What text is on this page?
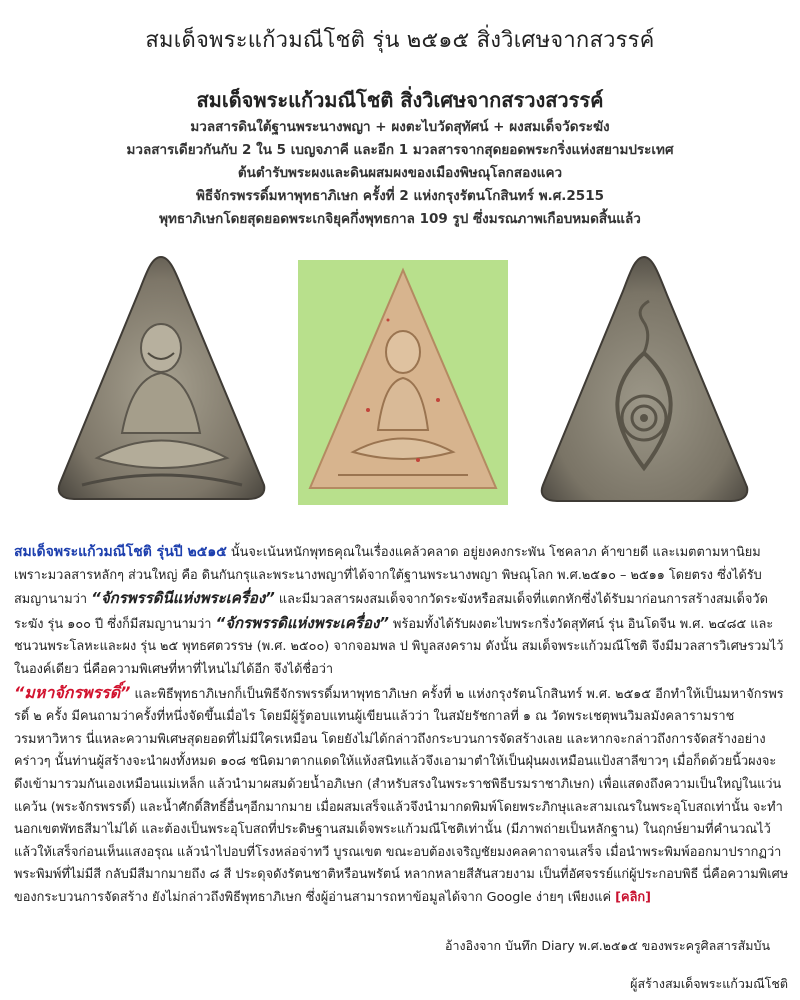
สมเด็จพระแก้วมณีโชติ รุ่น ๒๕๑๕ สิ่งวิเศษจากสวรรค์
สมเด็จพระแก้วมณีโชติ สิ่งวิเศษจากสรวงสวรรค์
มวลสารดินใต้ฐานพระนางพญา + ผงตะไบวัดสุทัศน์ + ผงสมเด็จวัดระฆัง
มวลสารเดียวกันกับ 2 ใน 5 เบญจภาคี และอีก 1 มวลสารจากสุดยอดพระกริ่งแห่งสยามประเทศ
ต้นตำรับพระผงและดินผสมผงของเมืองพิษณุโลกสองแคว
พิธีจักรพรรดิ์มหาพุทธาภิเษก ครั้งที่ 2 แห่งกรุงรัตนโกสินทร์ พ.ศ.2515
พุทธาภิเษกโดยสุดยอดพระเกจิยุคกึ่งพุทธกาล 109 รูป ซึ่งมรณภาพเกือบหมดสิ้นแล้ว
สมเด็จพระแก้วมณีโชติ รุ่นปี ๒๕๑๕ นั้นจะเน้นหนักพุทธคุณในเรื่องแคล้วคลาด อยู่ยงคงกระพัน โชคลาภ ค้าขายดี และเมตตามหานิยม เพราะมวลสารหลักๆ ส่วนใหญ่ คือ ดินกันกรุและพระนางพญาที่ได้จากใต้ฐานพระนางพญา พิษณุโลก พ.ศ.๒๕๑๐ – ๒๕๑๑ โดยตรง ซึ่งได้รับสมญานามว่า “จักรพรรดินีแห่งพระเครื่อง” และมีมวลสารผงสมเด็จจากวัดระฆังหรือสมเด็จที่แตกหักซึ่งได้รับมาก่อนการสร้างสมเด็จวัดระฆัง รุ่น ๑๐๐ ปี ซึ่งก็มีสมญานามว่า “จักรพรรดิแห่งพระเครื่อง” พร้อมทั้งได้รับผงตะไบพระกริ่งวัดสุทัศน์ รุ่น อินโดจีน พ.ศ. ๒๔๘๕ และชนวนพระโลหะและผง รุ่น ๒๕ พุทธศตวรรษ (พ.ศ. ๒๕๐๐) จากจอมพล ป พิบูลสงคราม ดังนั้น สมเด็จพระแก้วมณีโชติ จึงมีมวลสารวิเศษรวมไว้ในองค์เดียว นี่คือความพิเศษที่หาที่ไหนไม่ได้อีก จึงได้ชื่อว่า
“มหาจักรพรรดิ์” และพิธีพุทธาภิเษกก็เป็นพิธีจักรพรรดิ์มหาพุทธาภิเษก ครั้งที่ ๒ แห่งกรุงรัตนโกสินทร์ พ.ศ. ๒๕๑๕ อีกทำให้เป็นมหาจักรพรรดิ์ ๒ ครั้ง มีคนถามว่าครั้งที่หนึ่งจัดขึ้นเมื่อไร โดยมีผู้รู้ตอบแทนผู้เขียนแล้วว่า ในสมัยรัชกาลที่ ๑ ณ วัดพระเชตุพนวิมลมังคลารามราชวรมหาวิหาร นี่แหละความพิเศษสุดยอดที่ไม่มีใครเหมือน โดยยังไม่ได้กล่าวถึงกระบวนการจัดสร้างเลย และหากจะกล่าวถึงการจัดสร้างอย่างคร่าวๆ นั้นท่านผู้สร้างจะนำผงทั้งหมด ๑๐๘ ชนิดมาตากแดดให้แห้งสนิทแล้วจึงเอามาตำให้เป็นฝุ่นผงเหมือนแป้งสาลีขาวๆ เมื่อก็ดด้วยนิ้วผงจะดึงเข้ามารวมกันเองเหมือนแม่เหล็ก แล้วนำมาผสมด้วยน้ำอภิเษก (สำหรับสรงในพระราชพิธีบรมราชาภิเษก) เพื่อแสดงถึงความเป็นใหญ่ในแว่นแคว้น (พระจักรพรรดิ์) และน้ำศักดิ์สิทธิ์อื่นๆอีกมากมาย เมื่อผสมเสร็จแล้วจึงนำมากดพิมพ์โดยพระภิกษุและสามเณรในพระอุโบสถเท่านั้น จะทำนอกเขตพัทธสีมาไม่ได้ และต้องเป็นพระอุโบสถที่ประดิษฐานสมเด็จพระแก้วมณีโชติเท่านั้น (มีภาพถ่ายเป็นหลักฐาน) ในฤกษ์ยามที่คำนวณไว้แล้วให้เสร็จก่อนเห็นแสงอรุณ แล้วนำไปอบที่โรงหล่อจ่าทวี บูรณเขต ขณะอบต้องเจริญชัยมงคลคาถาจนเสร็จ เมื่อนำพระพิมพ์ออกมาปรากฏว่าพระพิมพ์ที่ไม่มีสี กลับมีสีมากมายถึง ๘ สี ประดุจดังรัตนชาติหรือนพรัตน์ หลากหลายสีสันสวยงาม เป็นที่อัศจรรย์แก่ผู้ประกอบพิธี นี่คือความพิเศษของกระบวนการจัดสร้าง ยังไม่กล่าวถึงพิธีพุทธาภิเษก ซึ่งผู้อ่านสามารถหาข้อมูลได้จาก Google ง่ายๆ เพียงแค่ [คลิก]
อ้างอิงจาก บันทึก Diary พ.ศ.๒๕๑๕ ของพระครูศิลสารสัมบัน
ผู้สร้างสมเด็จพระแก้วมณีโชติ
